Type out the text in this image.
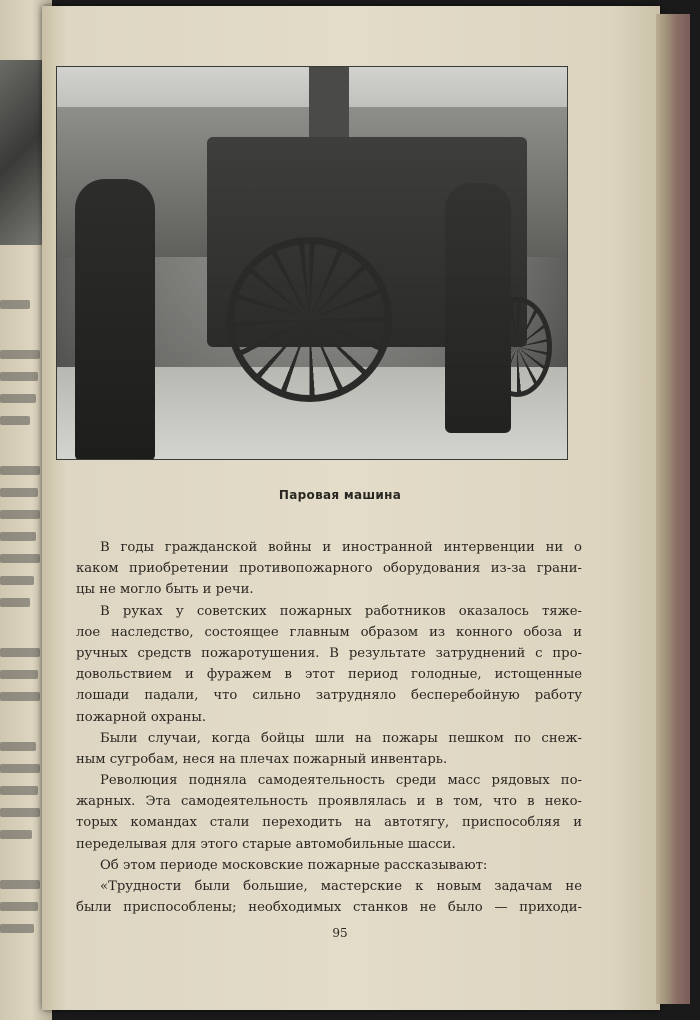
Паровая машина
В годы гражданской войны и иностранной интервенции ни о
каком приобретении противопожарного оборудования из-за грани-
цы не могло быть и речи.
В руках у советских пожарных работников оказалось тяже-
лое наследство, состоящее главным образом из конного обоза и
ручных средств пожаротушения. В результате затруднений с про-
довольствием и фуражем в этот период голодные, истощенные
лошади падали, что сильно затрудняло бесперебойную работу
пожарной охраны.
Были случаи, когда бойцы шли на пожары пешком по снеж-
ным сугробам, неся на плечах пожарный инвентарь.
Революция подняла самодеятельность среди масс рядовых по-
жарных. Эта самодеятельность проявлялась и в том, что в неко-
торых командах стали переходить на автотягу, приспособляя и
переделывая для этого старые автомобильные шасси.
Об этом периоде московские пожарные рассказывают:
«Трудности были большие, мастерские к новым задачам не
были приспособлены; необходимых станков не было — приходи-
95
